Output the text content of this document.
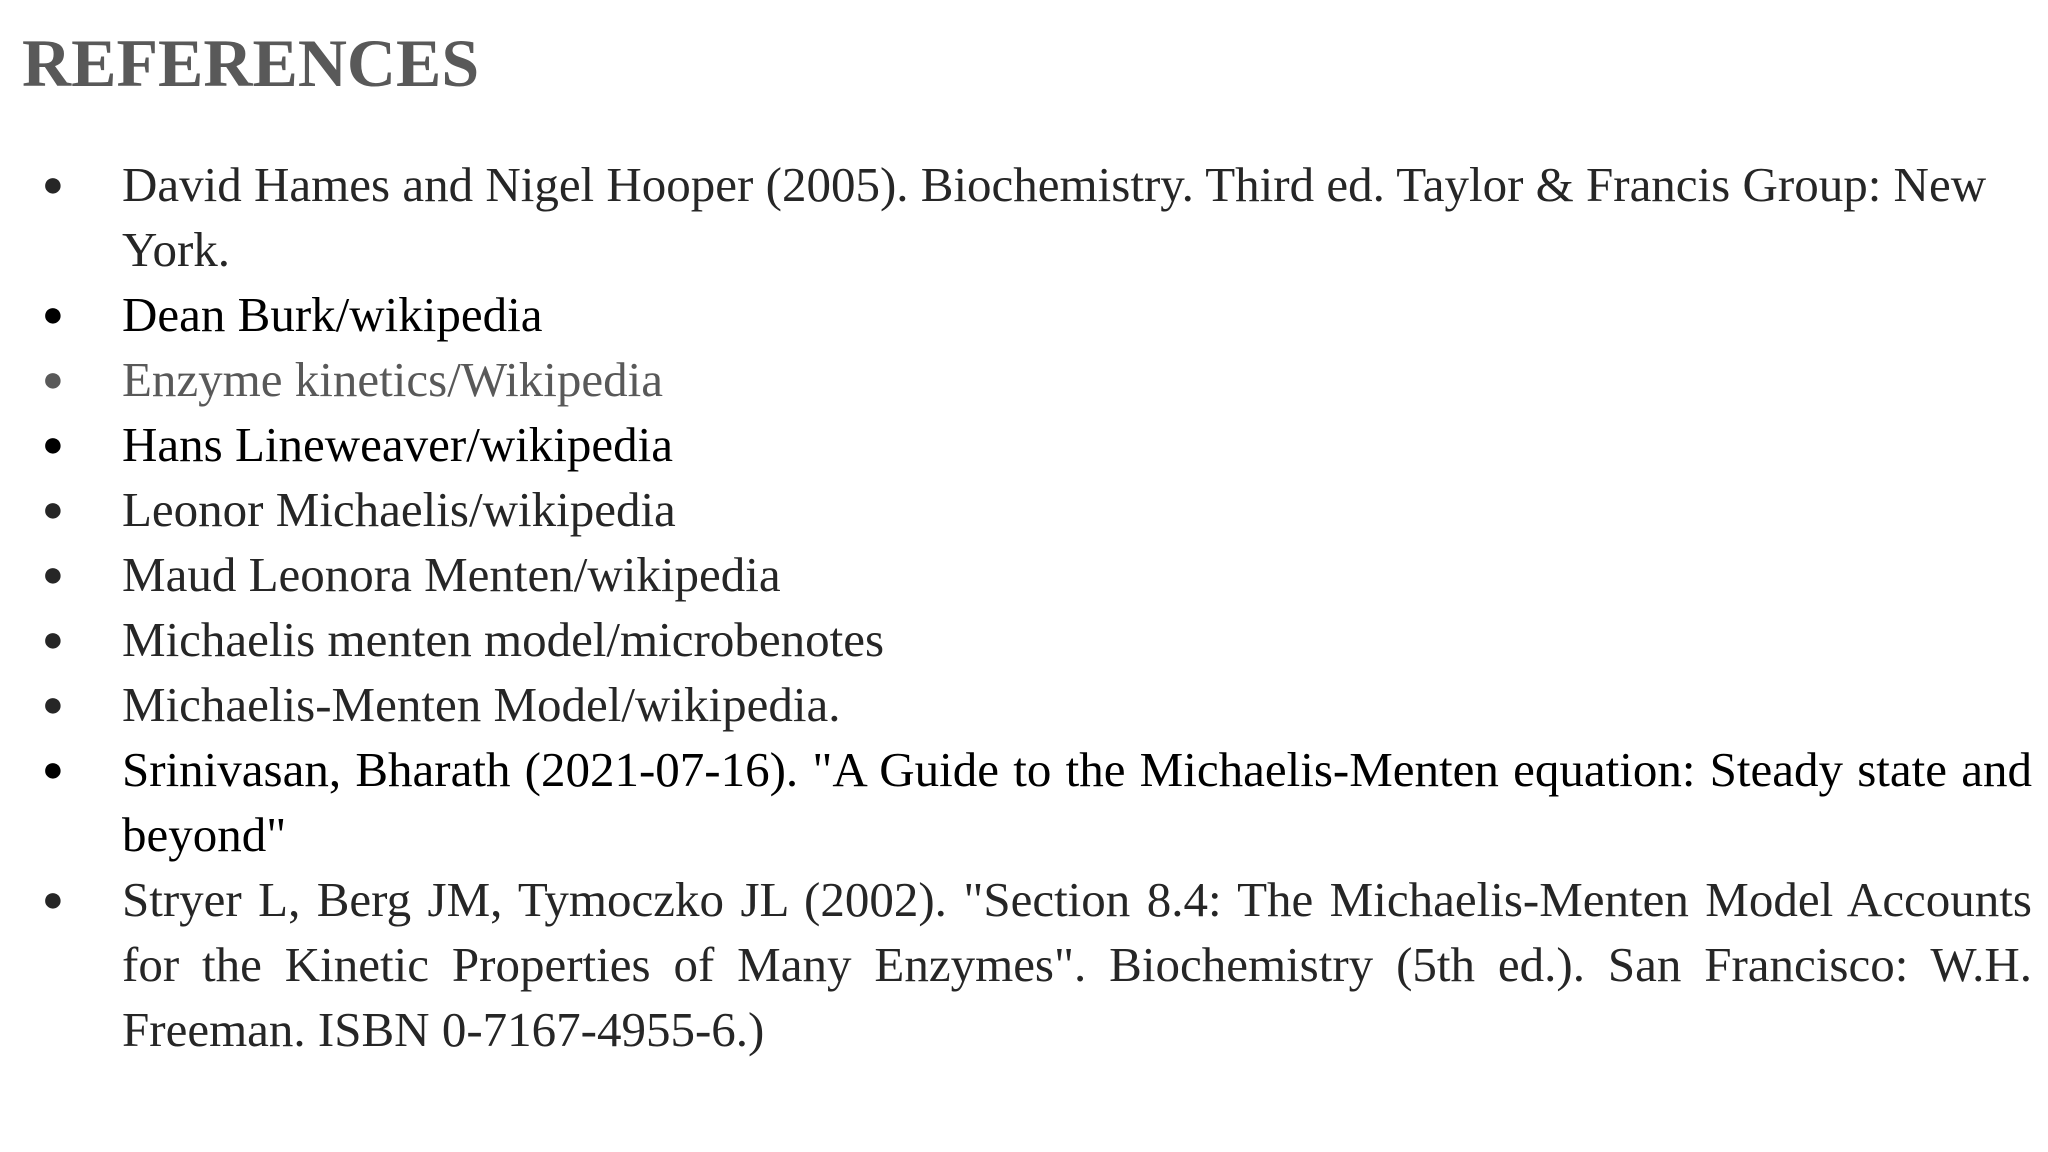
REFERENCES
●	David Hames and Nigel Hooper (2005). Biochemistry. Third ed. Taylor & Francis Group: New York.
●	Dean Burk/wikipedia
●	Enzyme kinetics/Wikipedia
●	Hans Lineweaver/wikipedia
●	Leonor Michaelis/wikipedia
●	Maud Leonora Menten/wikipedia
●	Michaelis menten model/microbenotes
●	Michaelis-Menten Model/wikipedia.
●	Srinivasan, Bharath (2021-07-16). "A Guide to the Michaelis‑Menten equation: Steady state and beyond"
●	Stryer L, Berg JM, Tymoczko JL (2002). "Section 8.4: The Michaelis-Menten Model Accounts for the Kinetic Properties of Many Enzymes". Biochemistry (5th ed.). San Francisco: W.H. Freeman. ISBN 0-7167-4955-6.)
